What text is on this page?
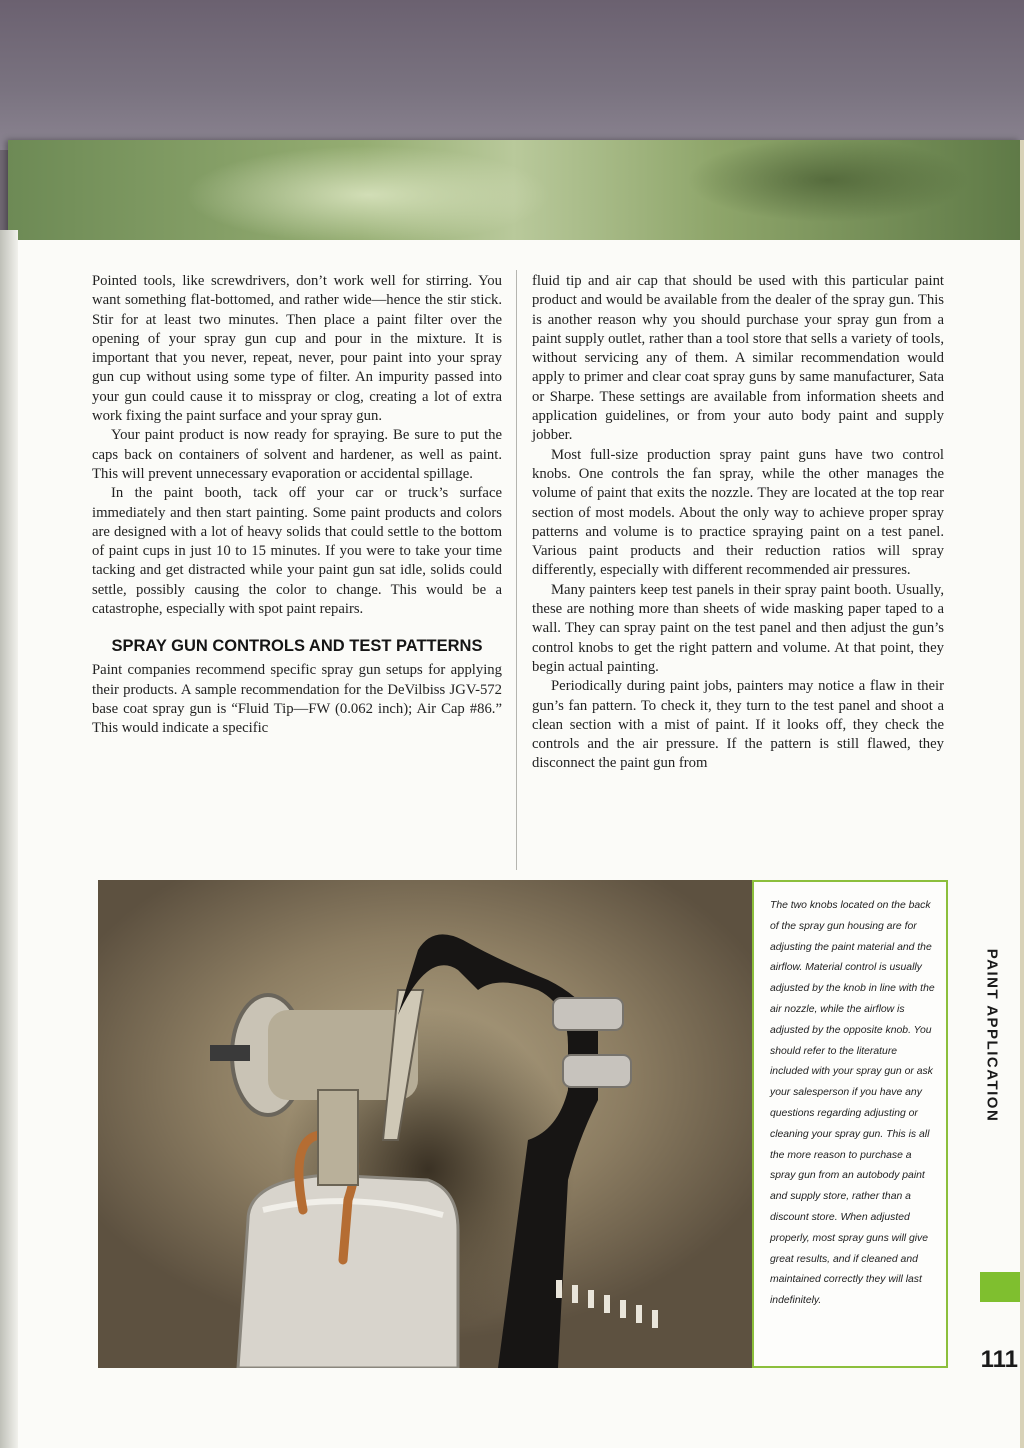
Pointed tools, like screwdrivers, don’t work well for stirring. You want something flat-bottomed, and rather wide—hence the stir stick. Stir for at least two minutes. Then place a paint filter over the opening of your spray gun cup and pour in the mixture. It is important that you never, repeat, never, pour paint into your spray gun cup without using some type of filter. An impurity passed into your gun could cause it to misspray or clog, creating a lot of extra work fixing the paint surface and your spray gun.

Your paint product is now ready for spraying. Be sure to put the caps back on containers of solvent and hardener, as well as paint. This will prevent unnecessary evaporation or accidental spillage.

In the paint booth, tack off your car or truck’s surface immediately and then start painting. Some paint products and colors are designed with a lot of heavy solids that could settle to the bottom of paint cups in just 10 to 15 minutes. If you were to take your time tacking and get distracted while your paint gun sat idle, solids could settle, possibly causing the color to change. This would be a catastrophe, especially with spot paint repairs.

SPRAY GUN CONTROLS AND TEST PATTERNS

Paint companies recommend specific spray gun setups for applying their products. A sample recommendation for the DeVilbiss JGV-572 base coat spray gun is “Fluid Tip—FW (0.062 inch); Air Cap #86.” This would indicate a specific

fluid tip and air cap that should be used with this particular paint product and would be available from the dealer of the spray gun. This is another reason why you should purchase your spray gun from a paint supply outlet, rather than a tool store that sells a variety of tools, without servicing any of them. A similar recommendation would apply to primer and clear coat spray guns by same manufacturer, Sata or Sharpe. These settings are available from information sheets and application guidelines, or from your auto body paint and supply jobber.

Most full-size production spray paint guns have two control knobs. One controls the fan spray, while the other manages the volume of paint that exits the nozzle. They are located at the top rear section of most models. About the only way to achieve proper spray patterns and volume is to practice spraying paint on a test panel. Various paint products and their reduction ratios will spray differently, especially with different recommended air pressures.

Many painters keep test panels in their spray paint booth. Usually, these are nothing more than sheets of wide masking paper taped to a wall. They can spray paint on the test panel and then adjust the gun’s control knobs to get the right pattern and volume. At that point, they begin actual painting.

Periodically during paint jobs, painters may notice a flaw in their gun’s fan pattern. To check it, they turn to the test panel and shoot a clean section with a mist of paint. If it looks off, they check the controls and the air pressure. If the pattern is still flawed, they disconnect the paint gun from

The two knobs located on the back of the spray gun housing are for adjusting the paint material and the airflow. Material control is usually adjusted by the knob in line with the air nozzle, while the airflow is adjusted by the opposite knob. You should refer to the literature included with your spray gun or ask your salesperson if you have any questions regarding adjusting or cleaning your spray gun. This is all the more reason to purchase a spray gun from an autobody paint and supply store, rather than a discount store. When adjusted properly, most spray guns will give great results, and if cleaned and maintained correctly they will last indefinitely.
PAINT APPLICATION
111
